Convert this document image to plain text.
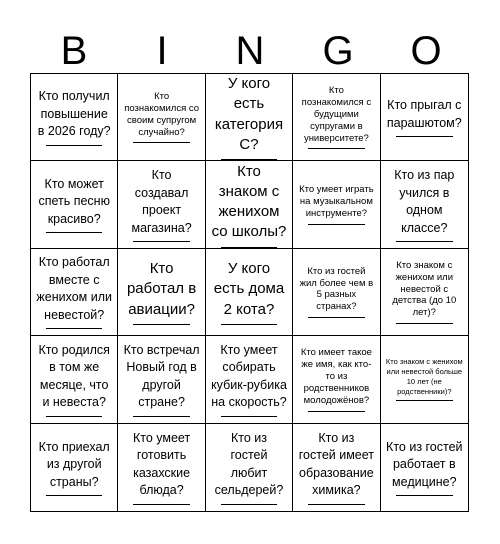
B	I	N	G	O
Кто получил повышение в 2026 году?
Кто познакомился со своим супругом случайно?
У кого есть категория С?
Кто познакомился с будущими супругами в университете?
Кто прыгал с парашютом?
Кто может спеть песню красиво?
Кто создавал проект магазина?
Кто знаком с женихом со школы?
Кто умеет играть на музыкальном инструменте?
Кто из пар учился в одном классе?
Кто работал вместе с женихом или невестой?
Кто работал в авиации?
У кого есть дома 2 кота?
Кто из гостей жил более чем в 5 разных странах?
Кто знаком с женихом или невестой с детства (до 10 лет)?
Кто родился в том же месяце, что и невеста?
Кто встречал Новый год в другой стране?
Кто умеет собирать кубик-рубика на скорость?
Кто имеет такое же имя, как кто-то из родственников молодожёнов?
Кто знаком с женихом или невестой больше 10 лет (не родственники)?
Кто приехал из другой страны?
Кто умеет готовить казахские блюда?
Кто из гостей любит сельдерей?
Кто из гостей имеет образование химика?
Кто из гостей работает в медицине?
